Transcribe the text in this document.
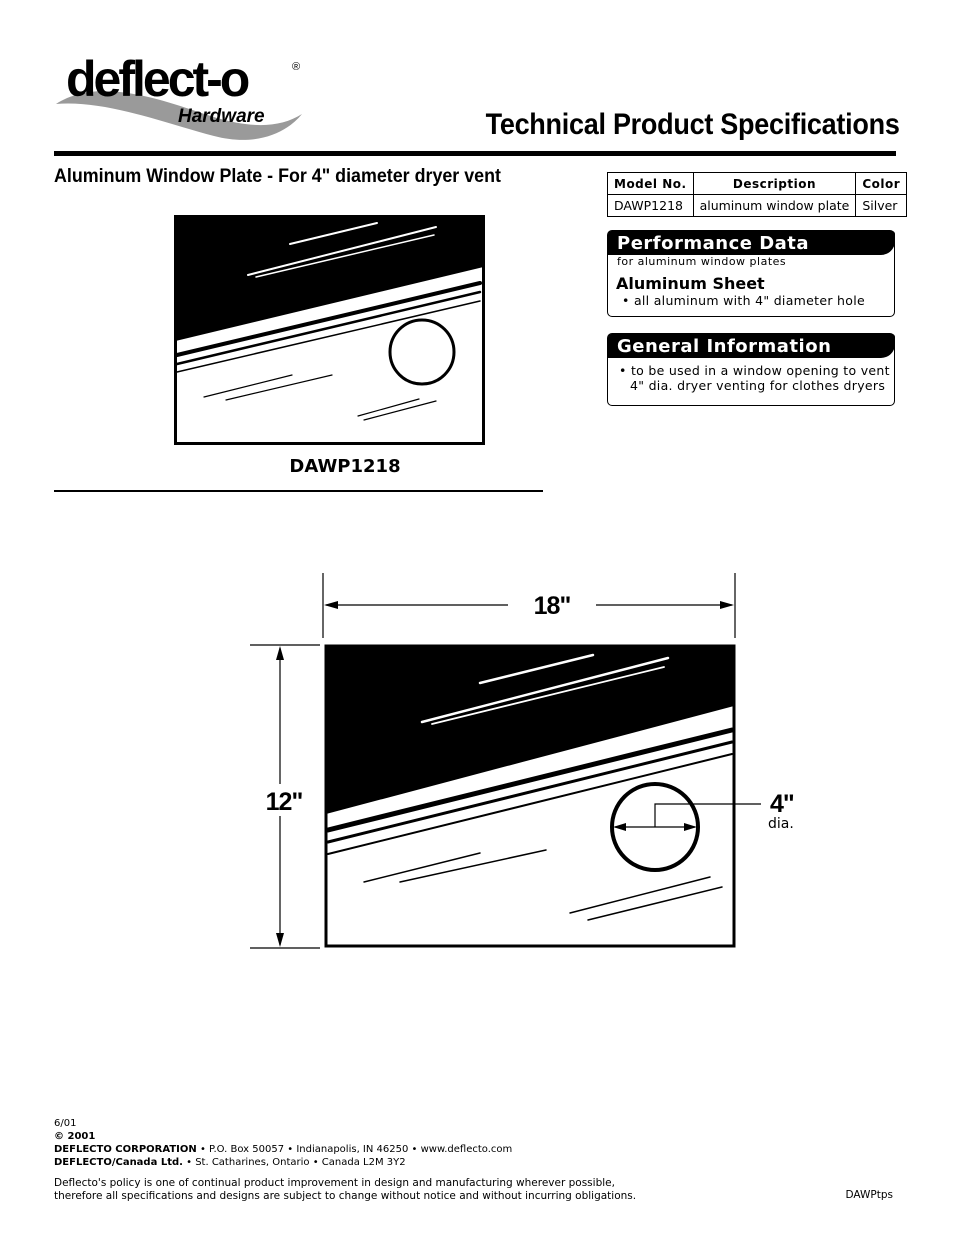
deflect-o	®
Hardware	Technical Product Specifications
Aluminum Window Plate - For 4" diameter dryer vent
DAWP1218
Model No.	Description	Color
DAWP1218	aluminum window plate	Silver
Performance Data
for aluminum window plates
Aluminum Sheet
• all aluminum with 4" diameter hole
General Information
• to be used in a window opening to vent
4" dia. dryer venting for clothes dryers
18"
12"	4"
dia.
6/01
© 2001
DEFLECTO CORPORATION • P.O. Box 50057 • Indianapolis, IN 46250 • www.deflecto.com
DEFLECTO/Canada Ltd. • St. Catharines, Ontario • Canada L2M 3Y2
Deflecto's policy is one of continual product improvement in design and manufacturing wherever possible,
therefore all specifications and designs are subject to change without notice and without incurring obligations.	DAWPtps
